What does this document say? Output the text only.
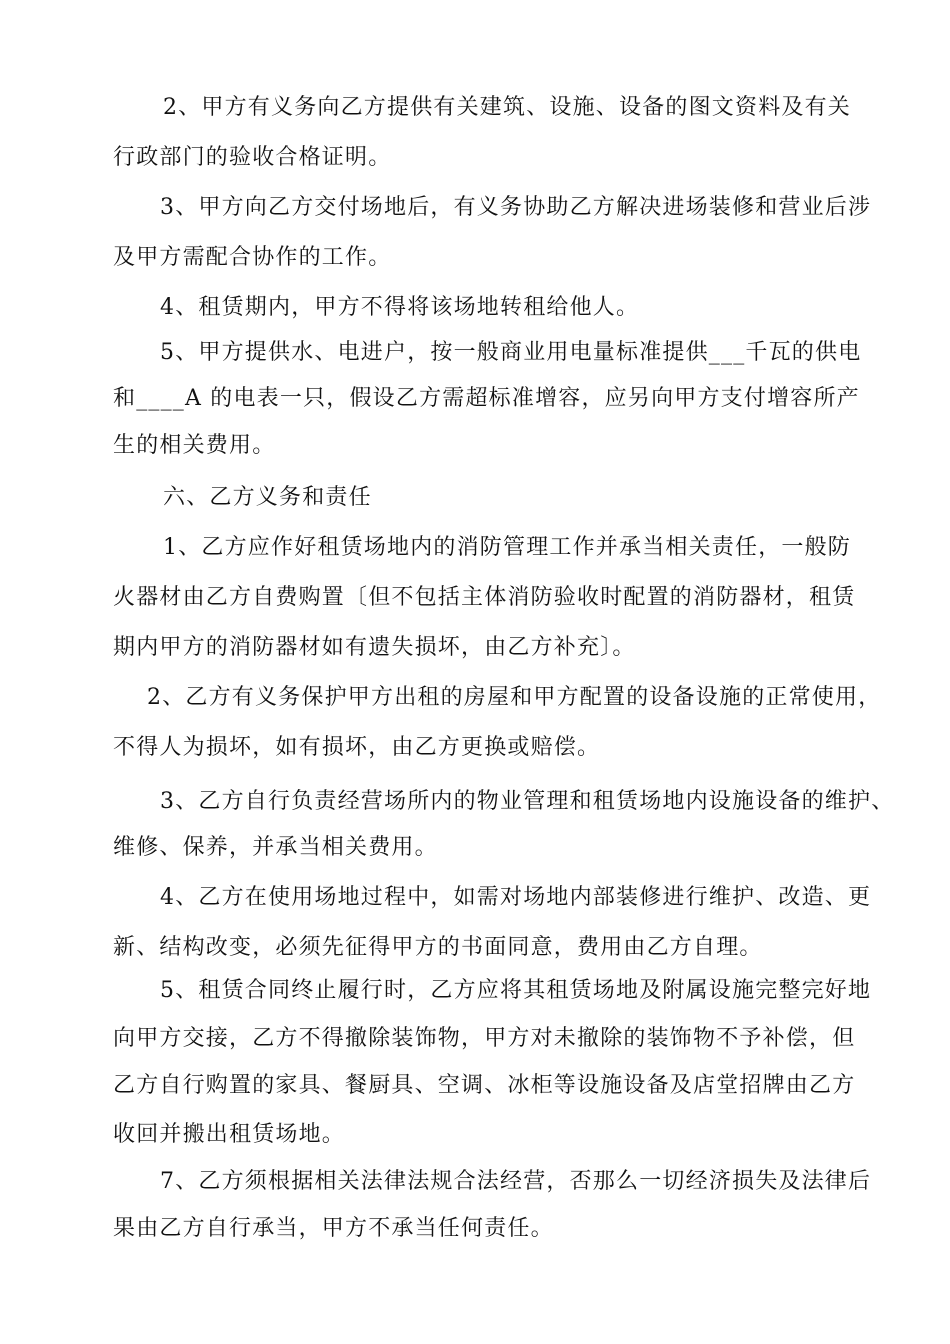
2、甲方有义务向乙方提供有关建筑、设施、设备的图文资料及有关
行政部门的验收合格证明。
3、甲方向乙方交付场地后，有义务协助乙方解决进场装修和营业后涉
及甲方需配合协作的工作。
4、租赁期内，甲方不得将该场地转租给他人。
5、甲方提供水、电进户，按一般商业用电量标准提供___千瓦的供电
和____A 的电表一只，假设乙方需超标准增容，应另向甲方支付增容所产
生的相关费用。
六、乙方义务和责任
1、乙方应作好租赁场地内的消防管理工作并承当相关责任，一般防
火器材由乙方自费购置〔但不包括主体消防验收时配置的消防器材，租赁
期内甲方的消防器材如有遗失损坏，由乙方补充〕。
2、乙方有义务保护甲方出租的房屋和甲方配置的设备设施的正常使用，
不得人为损坏，如有损坏，由乙方更换或赔偿。
3、乙方自行负责经营场所内的物业管理和租赁场地内设施设备的维护、
维修、保养，并承当相关费用。
4、乙方在使用场地过程中，如需对场地内部装修进行维护、改造、更
新、结构改变，必须先征得甲方的书面同意，费用由乙方自理。
5、租赁合同终止履行时，乙方应将其租赁场地及附属设施完整完好地
向甲方交接，乙方不得撤除装饰物，甲方对未撤除的装饰物不予补偿，但
乙方自行购置的家具、餐厨具、空调、冰柜等设施设备及店堂招牌由乙方
收回并搬出租赁场地。
7、乙方须根据相关法律法规合法经营，否那么一切经济损失及法律后
果由乙方自行承当，甲方不承当任何责任。
